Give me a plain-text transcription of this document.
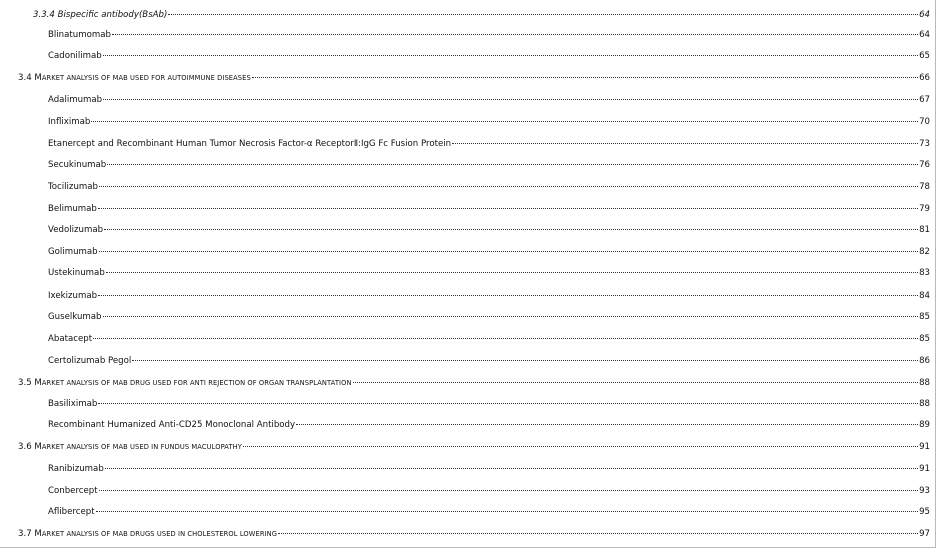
3.3.4 Bispecific antibody(BsAb)	64
Blinatumomab	64
Cadonilimab	65
3.4 MARKET ANALYSIS OF MAB USED FOR AUTOIMMUNE DISEASES	66
Adalimumab	67
Infliximab	70
Etanercept and Recombinant Human Tumor Necrosis Factor-α ReceptorⅡ:IgG Fc Fusion Protein	73
Secukinumab	76
Tocilizumab	78
Belimumab	79
Vedolizumab	81
Golimumab	82
Ustekinumab	83
Ixekizumab	84
Guselkumab	85
Abatacept	85
Certolizumab Pegol	86
3.5 MARKET ANALYSIS OF MAB DRUG USED FOR ANTI REJECTION OF ORGAN TRANSPLANTATION	88
Basiliximab	88
Recombinant Humanized Anti-CD25 Monoclonal Antibody	89
3.6 MARKET ANALYSIS OF MAB USED IN FUNDUS MACULOPATHY	91
Ranibizumab	91
Conbercept	93
Aflibercept	95
3.7 MARKET ANALYSIS OF MAB DRUGS USED IN CHOLESTEROL LOWERING	97
